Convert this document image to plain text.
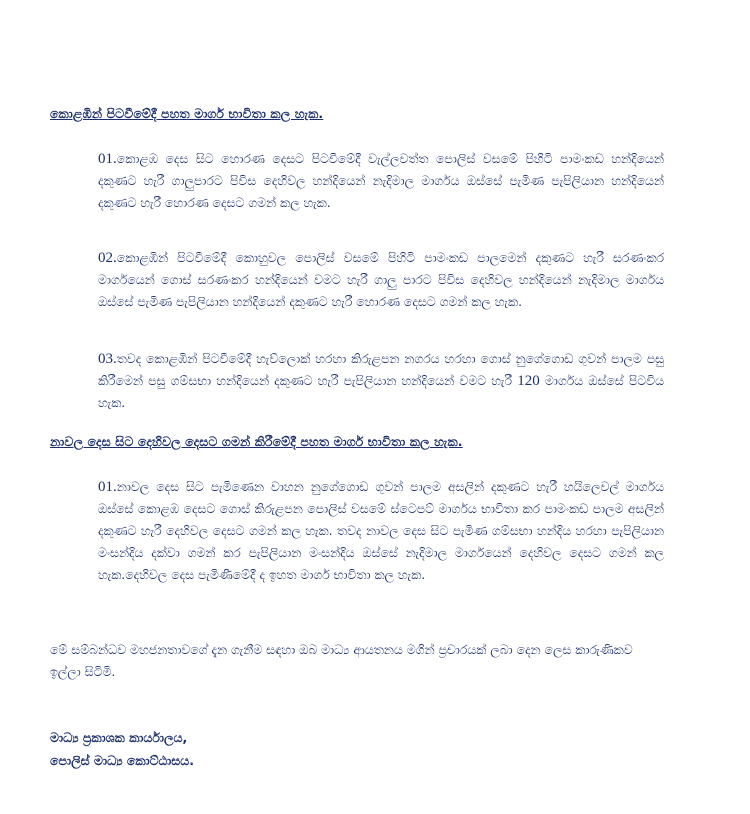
කොළඹින් පිටවීමේදී පහත මාර්ග භාවිතා කල හැක.
01.කොළඹ දෙස සිට හොරණ දෙසට පිටවීමේදී වැල්ලවත්ත පොලිස් වසමේ පිහිටි පාමංකඩ හන්දියෙන් දකුණට හැරී ගාලුපාරට පිවිස දෙහිවල හන්දියෙන් නැදිමාල මාර්ගය ඔස්සේ පැමිණ පැපිලියාන හන්දියෙන් දකුණට හැරී හොරණ දෙසට ගමන් කල හැක.
02.කොළඹින් පිටවීමේදී කොහුවල පොලිස් වසමේ පිහිටි පාමංකඩ පාලමෙන් දකුණට හැරී සරණංකර මාර්ගයෙන් ගොස් සරණංකර හන්දියෙන් වමට හැරී ගාලු පාරට පිවිස දෙහිවල හන්දියෙන් නැදිමාල මාර්ගය ඔස්සේ පැමිණ පැපිලියාන හන්දියෙන් දකුණට හැරී හොරණ දෙසට ගමන් කල හැක.
03.තවද කොළඹින් පිටවීමේදී හැව්ලොක් හරහා කිරුළපන නගරය හරහා ගොස් නුගේගොඩ ගුවන් පාලම පසු කිරීමෙන් පසු ගම්සභා හන්දියෙන් දකුණට හැරී පැපිලියාන හන්දියෙන් වමට හැරී 120 මාර්ගය ඔස්සේ පිටවිය හැක.
නාවල දෙස සිට දෙහිවල දෙසට ගමන් කිරීමේදී පහත මාර්ග භාවිතා කල හැක.
01.නාවල දෙස සිට පැමිණෙන වාහන නුගේගොඩ ගුවන් පාලම අසලින් දකුණට හැරී හයිලෙවල් මාර්ගය ඔස්සේ කොළඹ දෙසට ගොස් කිරුළපන පොලිස් වසමේ ස්ටෙපට් මාර්ගය භාවිතා කර පාමංකඩ පාලම අසලින් දකුණට හැරී දෙහිවල දෙසට ගමන් කල හැක. තවද නාවල දෙස සිට පැමිණ ගම්සභා හන්දිය හරහා පැපිලියාන මංසන්දිය දක්වා ගමන් කර පැපිලියාන මංසන්දිය ඔස්සේ නැදිමාල මාර්ගයෙන් දෙහිවල දෙසට ගමන් කල හැක.දෙහිවල දෙස පැමිණීමේදී ද ඉහත මාර්ග භාවිතා කල හැක.
මේ සම්බන්ධව මහජනතාවගේ දැන ගැනීම සඳහා ඔබ මාධ්‍ය ආයතනය මගින් ප්‍රචාරයක් ලබා දෙන ලෙස කාරුණිකව ඉල්ලා සිටිමි.
මාධ්‍ය ප්‍රකාශක කාර්යාලය,
පොලිස් මාධ්‍ය කොට්ඨාසය.
